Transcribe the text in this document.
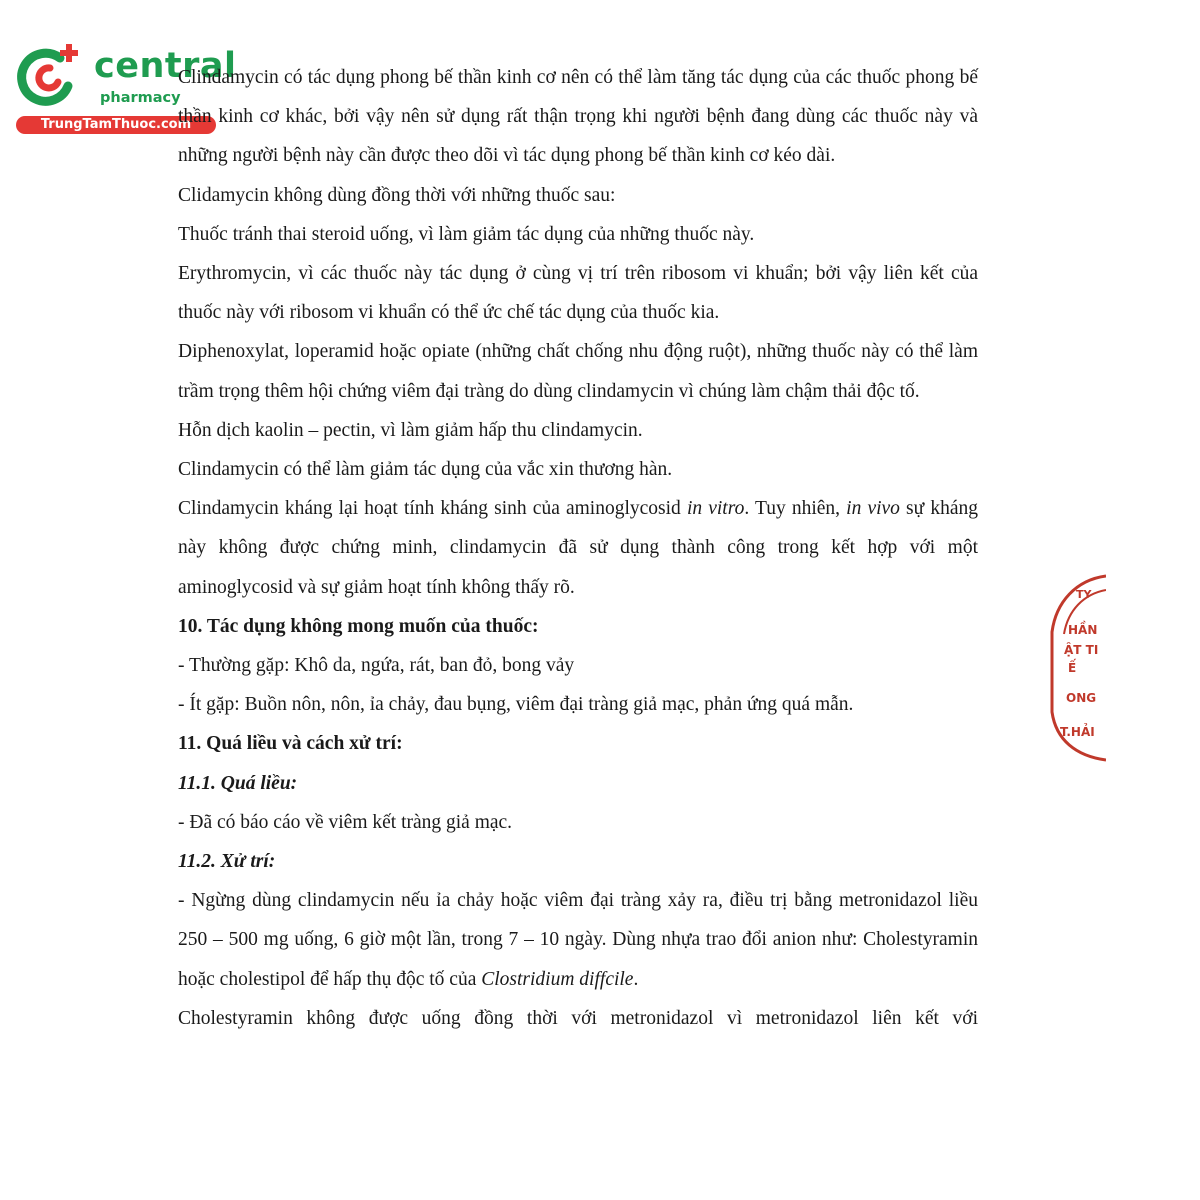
central
pharmacy
TrungTamThuoc.com

Clindamycin có tác dụng phong bế thần kinh cơ nên có thể làm tăng tác dụng của các thuốc phong bế thần kinh cơ khác, bởi vậy nên sử dụng rất thận trọng khi người bệnh đang dùng các thuốc này và những người bệnh này cần được theo dõi vì tác dụng phong bế thần kinh cơ kéo dài.

Clidamycin không dùng đồng thời với những thuốc sau:

Thuốc tránh thai steroid uống, vì làm giảm tác dụng của những thuốc này.

Erythromycin, vì các thuốc này tác dụng ở cùng vị trí trên ribosom vi khuẩn; bởi vậy liên kết của thuốc này với ribosom vi khuẩn có thể ức chế tác dụng của thuốc kia.

Diphenoxylat, loperamid hoặc opiate (những chất chống nhu động ruột), những thuốc này có thể làm trầm trọng thêm hội chứng viêm đại tràng do dùng clindamycin vì chúng làm chậm thải độc tố.

Hỗn dịch kaolin – pectin, vì làm giảm hấp thu clindamycin.

Clindamycin có thể làm giảm tác dụng của vắc xin thương hàn.

Clindamycin kháng lại hoạt tính kháng sinh của aminoglycosid in vitro. Tuy nhiên, in vivo sự kháng này không được chứng minh, clindamycin đã sử dụng thành công trong kết hợp với một aminoglycosid và sự giảm hoạt tính không thấy rõ.

10. Tác dụng không mong muốn của thuốc:

- Thường gặp: Khô da, ngứa, rát, ban đỏ, bong vảy

- Ít gặp: Buồn nôn, nôn, ỉa chảy, đau bụng, viêm đại tràng giả mạc, phản ứng quá mẫn.

11. Quá liều và cách xử trí:

11.1. Quá liều:

- Đã có báo cáo về viêm kết tràng giả mạc.

11.2. Xử trí:

- Ngừng dùng clindamycin nếu ỉa chảy hoặc viêm đại tràng xảy ra, điều trị bằng metronidazol liều 250 – 500 mg uống, 6 giờ một lần, trong 7 – 10 ngày. Dùng nhựa trao đổi anion như: Cholestyramin hoặc cholestipol để hấp thụ độc tố của Clostridium diffcile.

Cholestyramin không được uống đồng thời với metronidazol vì metronidazol liên kết với

TY
HẦN
ẬT TI
Ế
ONG
T.HẢI
